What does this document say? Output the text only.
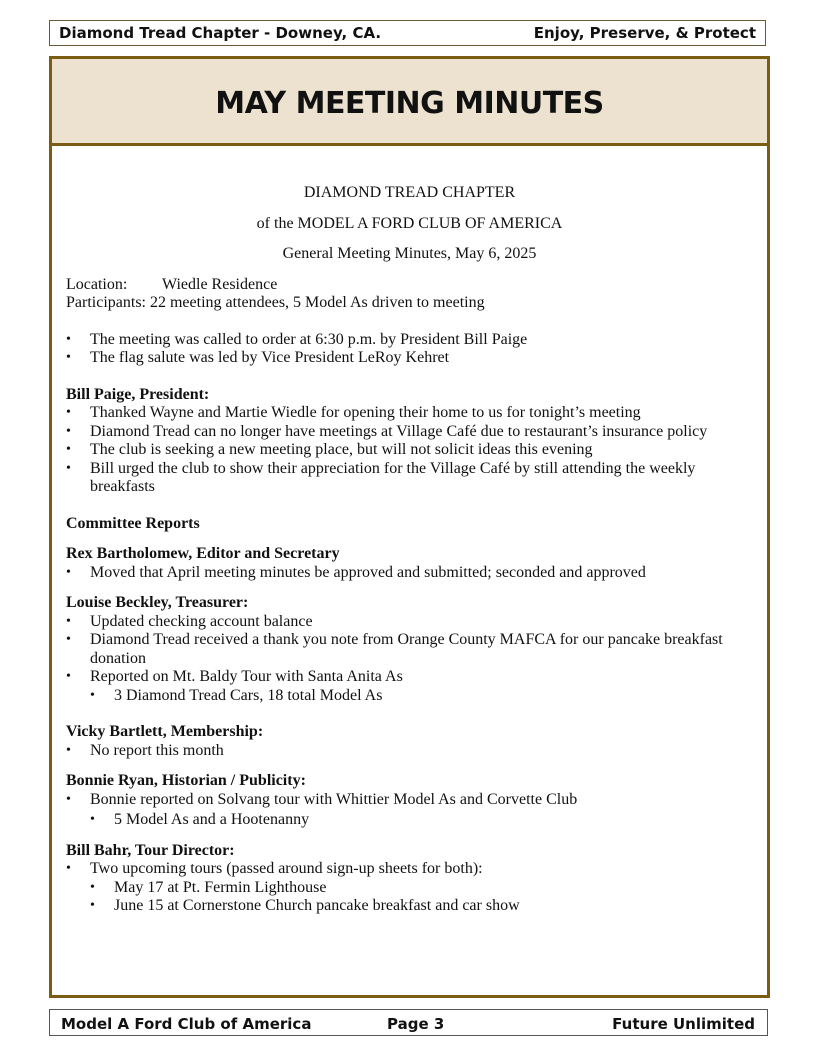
Diamond Tread Chapter - Downey, CA.	Enjoy, Preserve, & Protect
MAY MEETING MINUTES

DIAMOND TREAD CHAPTER

of the MODEL A FORD CLUB OF AMERICA

General Meeting Minutes, May 6, 2025

Location: Wiedle Residence

Participants: 22 meeting attendees, 5 Model As driven to meeting

• The meeting was called to order at 6:30 p.m. by President Bill Paige
• The flag salute was led by Vice President LeRoy Kehret

Bill Paige, President:

• Thanked Wayne and Martie Wiedle for opening their home to us for tonight’s meeting
• Diamond Tread can no longer have meetings at Village Café due to restaurant’s insurance policy
• The club is seeking a new meeting place, but will not solicit ideas this evening
• Bill urged the club to show their appreciation for the Village Café by still attending the weekly breakfasts

Committee Reports

Rex Bartholomew, Editor and Secretary

• Moved that April meeting minutes be approved and submitted; seconded and approved

Louise Beckley, Treasurer:

• Updated checking account balance
• Diamond Tread received a thank you note from Orange County MAFCA for our pancake breakfast donation
• Reported on Mt. Baldy Tour with Santa Anita As
• 3 Diamond Tread Cars, 18 total Model As

Vicky Bartlett, Membership:

• No report this month

Bonnie Ryan, Historian / Publicity:

• Bonnie reported on Solvang tour with Whittier Model As and Corvette Club
• 5 Model As and a Hootenanny

Bill Bahr, Tour Director:

• Two upcoming tours (passed around sign-up sheets for both):
• May 17 at Pt. Fermin Lighthouse
• June 15 at Cornerstone Church pancake breakfast and car show
Model A Ford Club of America	Page 3	Future Unlimited
